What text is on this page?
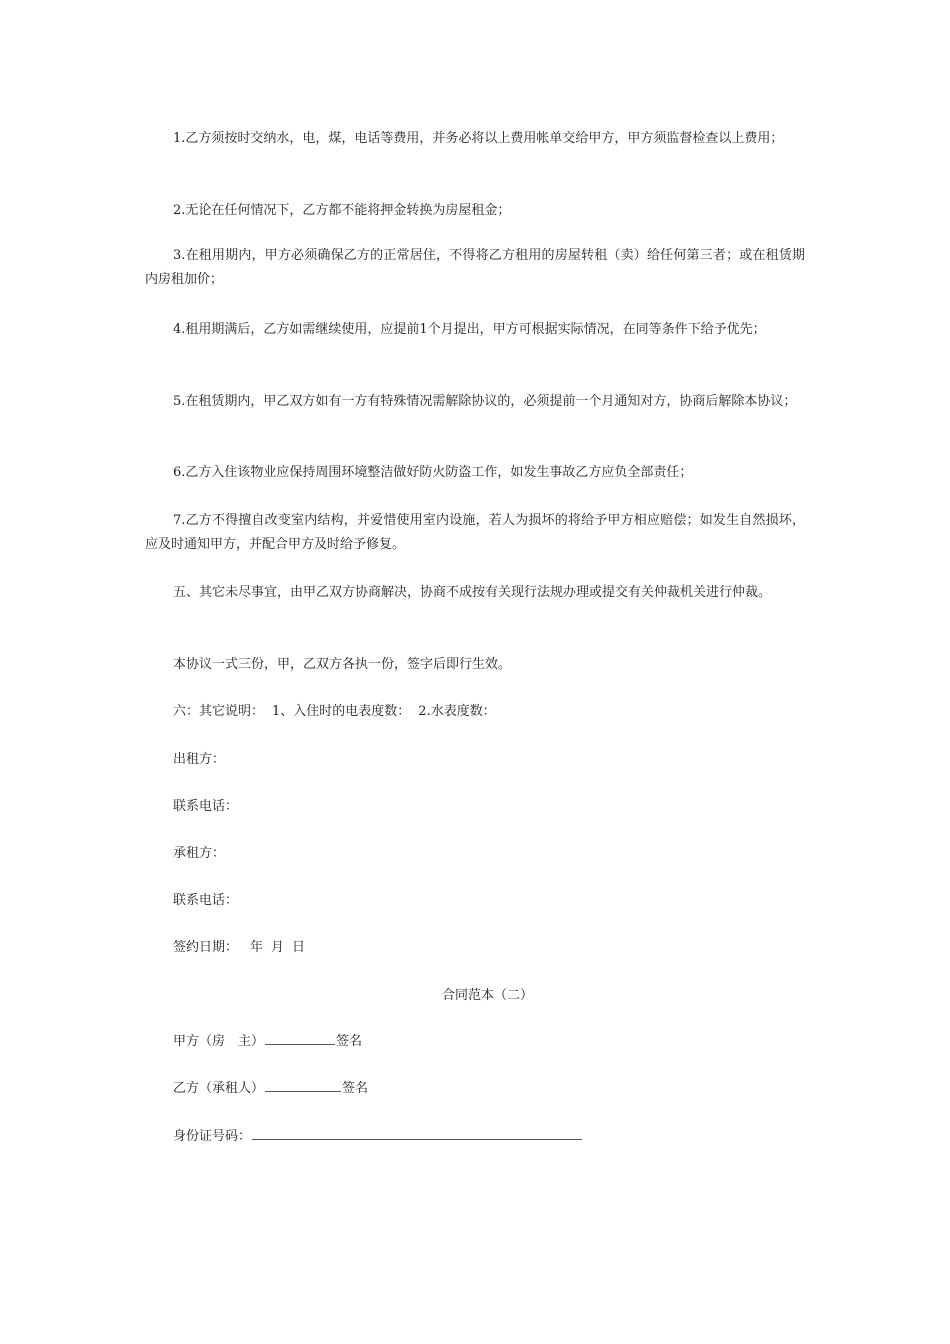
1.乙方须按时交纳水，电，煤，电话等费用，并务必将以上费用帐单交给甲方，甲方须监督检查以上费用；

2.无论在任何情况下，乙方都不能将押金转换为房屋租金；

3.在租用期内，甲方必须确保乙方的正常居住，不得将乙方租用的房屋转租（卖）给任何第三者；或在租赁期内房租加价；

4.租用期满后，乙方如需继续使用，应提前1个月提出，甲方可根据实际情况，在同等条件下给予优先；

5.在租赁期内，甲乙双方如有一方有特殊情况需解除协议的，必须提前一个月通知对方，协商后解除本协议；

6.乙方入住该物业应保持周围环境整洁做好防火防盗工作，如发生事故乙方应负全部责任；

7.乙方不得擅自改变室内结构，并爱惜使用室内设施，若人为损坏的将给予甲方相应赔偿；如发生自然损坏，应及时通知甲方，并配合甲方及时给予修复。

五、其它未尽事宜，由甲乙双方协商解决，协商不成按有关现行法规办理或提交有关仲裁机关进行仲裁。

本协议一式三份，甲，乙双方各执一份，签字后即行生效。

六：其它说明： 1、入住时的电表度数： 2.水表度数：

出租方：

联系电话：

承租方：

联系电话：

签约日期： 年 月 日

合同范本（二）

甲方（房　主）	签名

乙方（承租人）	签名

身份证号码：
